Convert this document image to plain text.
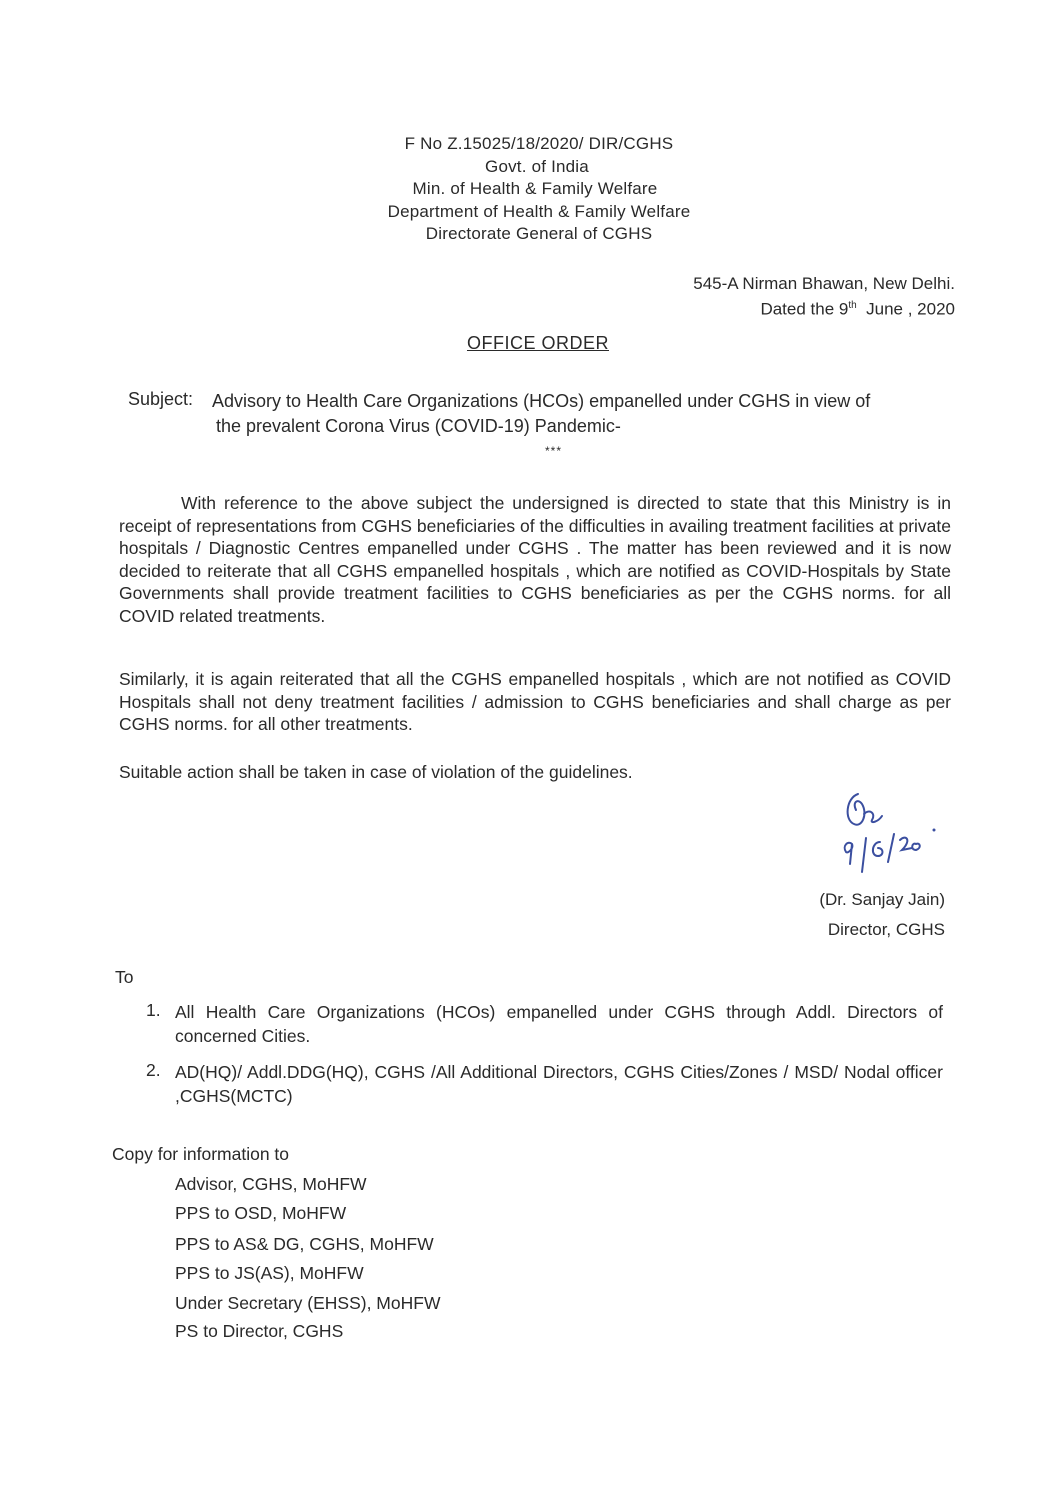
F No Z.15025/18/2020/ DIR/CGHS
Govt. of India
Min. of Health & Family Welfare
Department of Health & Family Welfare
Directorate General of CGHS
545-A Nirman Bhawan, New Delhi.
Dated the 9th June , 2020
OFFICE ORDER
Subject: Advisory to Health Care Organizations (HCOs) empanelled under CGHS in view of
the prevalent Corona Virus (COVID-19) Pandemic-
***
With reference to the above subject the undersigned is directed to state that this Ministry is in receipt of representations from CGHS beneficiaries of the difficulties in availing treatment facilities at private hospitals / Diagnostic Centres empanelled under CGHS . The matter has been reviewed and it is now decided to reiterate that all CGHS empanelled hospitals , which are notified as COVID-Hospitals by State Governments shall provide treatment facilities to CGHS beneficiaries as per the CGHS norms. for all COVID related treatments.
Similarly, it is again reiterated that all the CGHS empanelled hospitals , which are not notified as COVID Hospitals shall not deny treatment facilities / admission to CGHS beneficiaries and shall charge as per CGHS norms. for all other treatments.
Suitable action shall be taken in case of violation of the guidelines.
(Dr. Sanjay Jain)
Director, CGHS
To
1. All Health Care Organizations (HCOs) empanelled under CGHS through Addl. Directors of concerned Cities.
2. AD(HQ)/ Addl.DDG(HQ), CGHS /All Additional Directors, CGHS Cities/Zones / MSD/ Nodal officer ,CGHS(MCTC)
Copy for information to
Advisor, CGHS, MoHFW
PPS to OSD, MoHFW
PPS to AS& DG, CGHS, MoHFW
PPS to JS(AS), MoHFW
Under Secretary (EHSS), MoHFW
PS to Director, CGHS
